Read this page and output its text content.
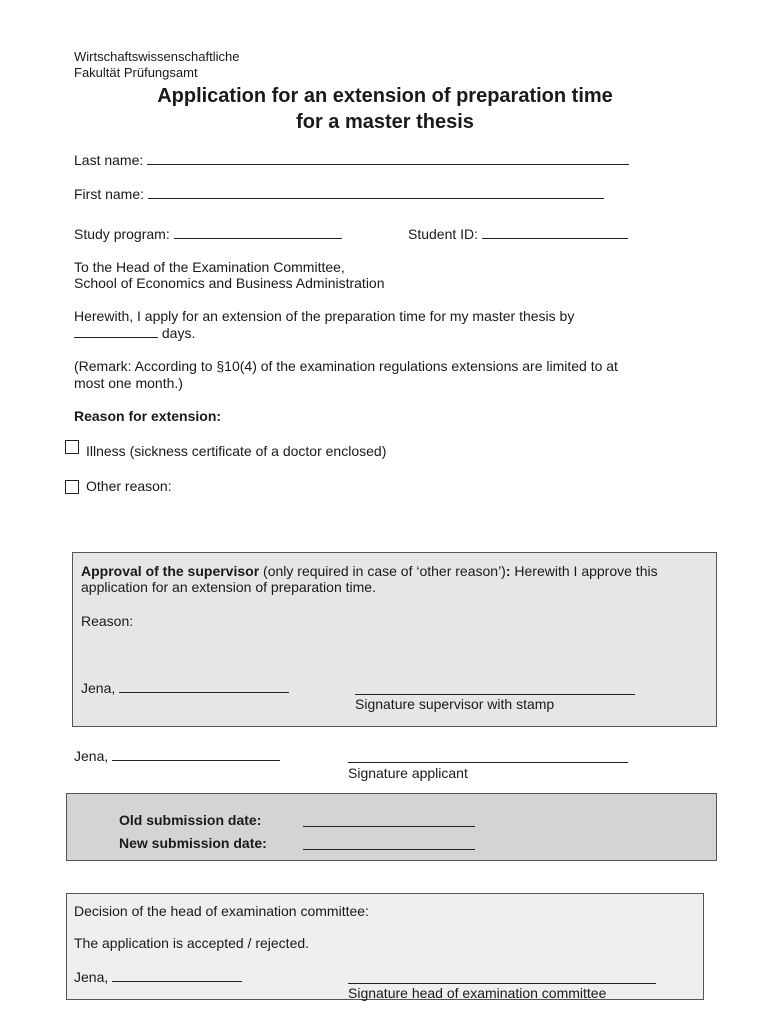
Wirtschaftswissenschaftliche
Fakultät Prüfungsamt
Application for an extension of preparation time
for a master thesis
Last name:
First name:
Study program:	Student ID:
To the Head of the Examination Committee,
School of Economics and Business Administration
Herewith, I apply for an extension of the preparation time for my master thesis by
days.
(Remark: According to §10(4) of the examination regulations extensions are limited to at
most one month.)
Reason for extension:
Illness (sickness certificate of a doctor enclosed)
Other reason:
Approval of the supervisor (only required in case of ‘other reason’): Herewith I approve this
application for an extension of preparation time.
Reason:
Jena,
Signature supervisor with stamp
Jena,
Signature applicant
Old submission date:
New submission date:
Decision of the head of examination committee:
The application is accepted / rejected.
Jena,
Signature head of examination committee
